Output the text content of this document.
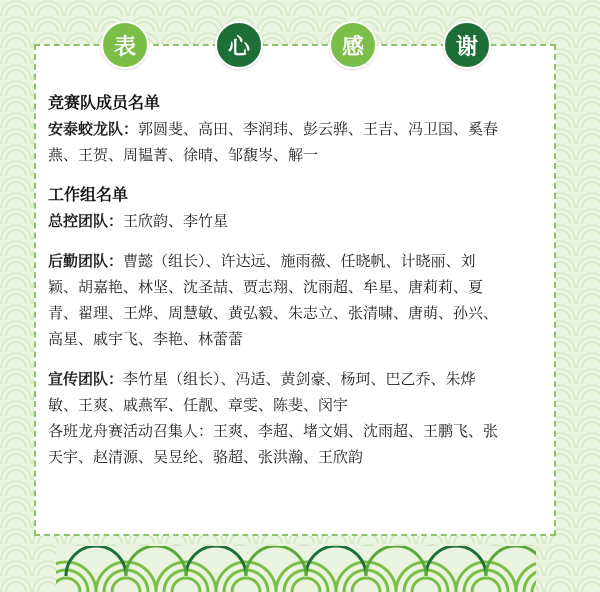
表	心	感	谢
竞赛队成员名单

安泰蛟龙队：郭圆斐、高田、李润玮、彭云骅、王吉、冯卫国、奚春
燕、王贺、周韫菁、徐晴、邹馥岑、解一

工作组名单

总控团队：王欣韵、李竹星

后勤团队：曹懿（组长）、许达远、施雨薇、任晓帆、计晓丽、刘
颖、胡嘉艳、林坚、沈圣喆、贾志翔、沈雨超、牟星、唐莉莉、夏
青、翟理、王烨、周慧敏、黄弘毅、朱志立、张清啸、唐萌、孙兴、
高星、戚宇飞、李艳、林蕾蕾

宣传团队：李竹星（组长）、冯适、黄剑豪、杨珂、巴乙乔、朱烨
敏、王爽、戚燕军、任靓、章雯、陈斐、闵宇
各班龙舟赛活动召集人：王爽、李超、堵文娟、沈雨超、王鹏飞、张
天宇、赵清源、吴昱纶、骆超、张洪瀚、王欣韵
